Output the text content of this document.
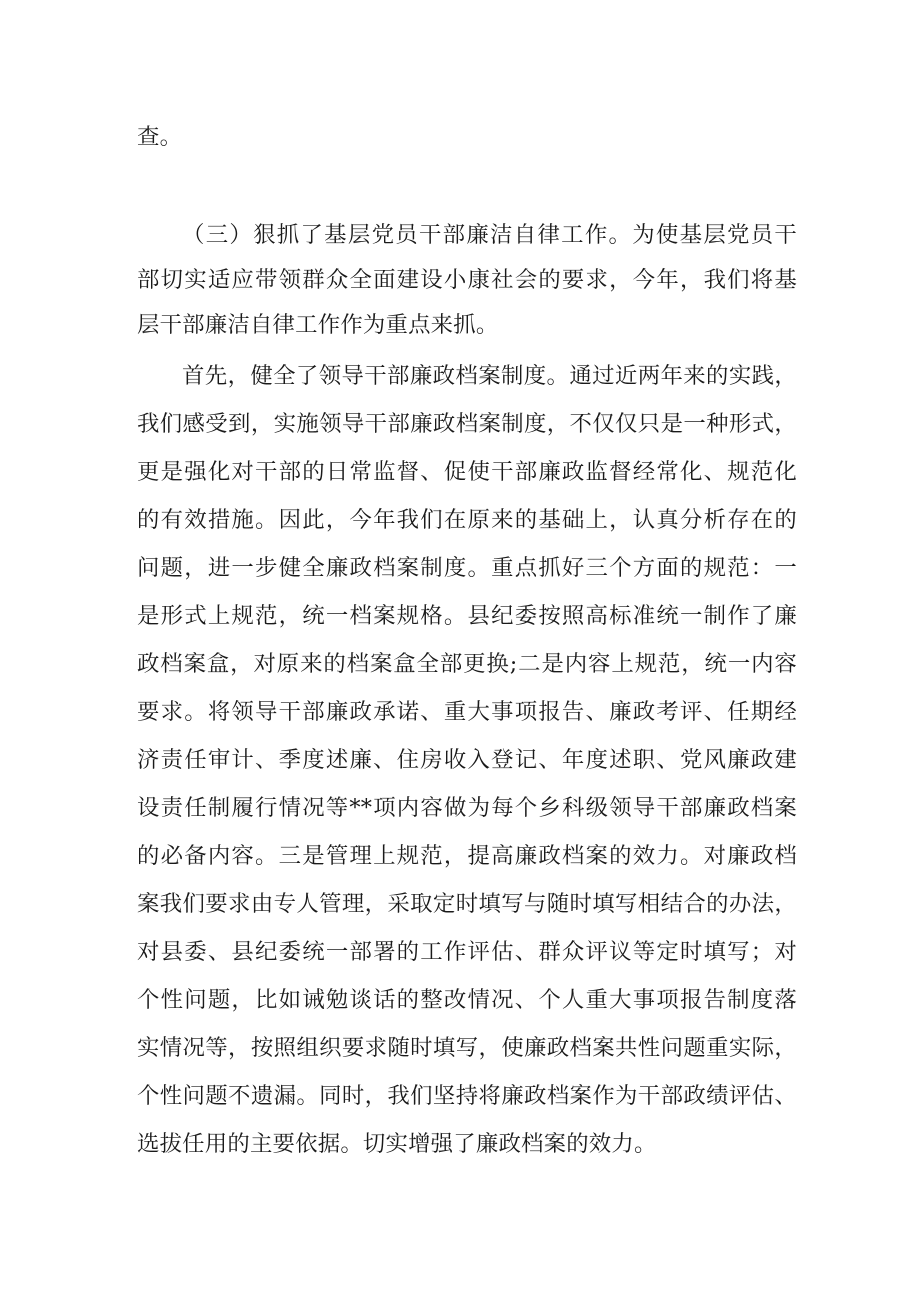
查。
（三）狠抓了基层党员干部廉洁自律工作。为使基层党员干
部切实适应带领群众全面建设小康社会的要求，今年，我们将基
层干部廉洁自律工作作为重点来抓。
首先，健全了领导干部廉政档案制度。通过近两年来的实践，
我们感受到，实施领导干部廉政档案制度，不仅仅只是一种形式，
更是强化对干部的日常监督、促使干部廉政监督经常化、规范化
的有效措施。因此，今年我们在原来的基础上，认真分析存在的
问题，进一步健全廉政档案制度。重点抓好三个方面的规范：一
是形式上规范，统一档案规格。县纪委按照高标准统一制作了廉
政档案盒，对原来的档案盒全部更换;二是内容上规范，统一内容
要求。将领导干部廉政承诺、重大事项报告、廉政考评、任期经
济责任审计、季度述廉、住房收入登记、年度述职、党风廉政建
设责任制履行情况等**项内容做为每个乡科级领导干部廉政档案
的必备内容。三是管理上规范，提高廉政档案的效力。对廉政档
案我们要求由专人管理，采取定时填写与随时填写相结合的办法，
对县委、县纪委统一部署的工作评估、群众评议等定时填写；对
个性问题，比如诫勉谈话的整改情况、个人重大事项报告制度落
实情况等，按照组织要求随时填写，使廉政档案共性问题重实际，
个性问题不遗漏。同时，我们坚持将廉政档案作为干部政绩评估、
选拔任用的主要依据。切实增强了廉政档案的效力。
